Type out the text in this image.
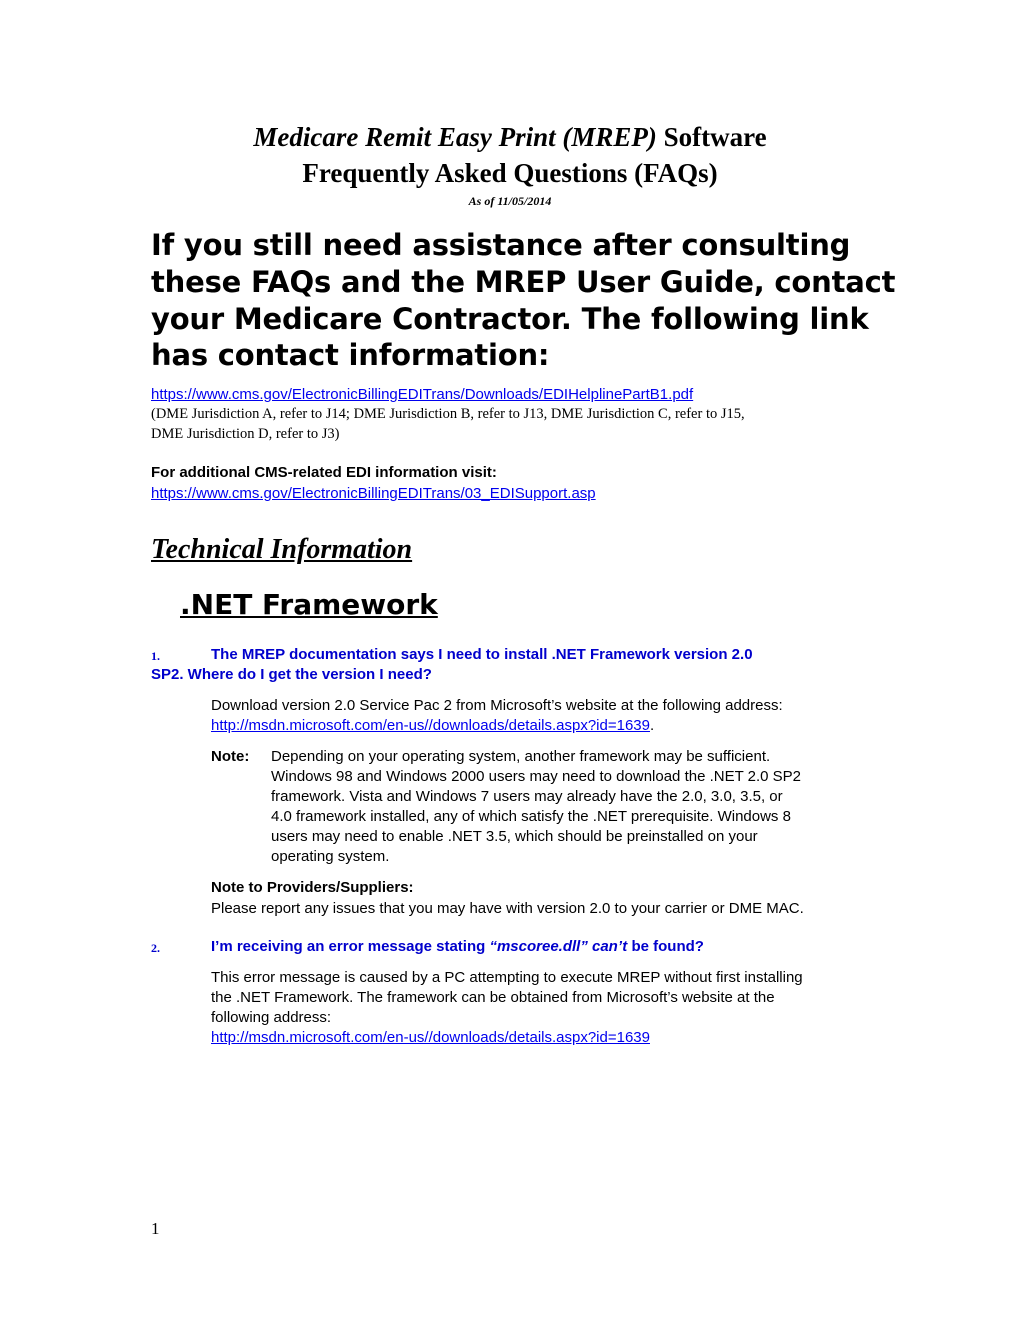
Medicare Remit Easy Print (MREP) Software
Frequently Asked Questions (FAQs)
As of 11/05/2014
If you still need assistance after consulting
these FAQs and the MREP User Guide, contact
your Medicare Contractor. The following link
has contact information:
https://www.cms.gov/ElectronicBillingEDITrans/Downloads/EDIHelplinePartB1.pdf
(DME Jurisdiction A, refer to J14; DME Jurisdiction B, refer to J13, DME Jurisdiction C, refer to J15,
DME Jurisdiction D, refer to J3)
For additional CMS-related EDI information visit:
https://www.cms.gov/ElectronicBillingEDITrans/03_EDISupport.asp
Technical Information
.NET Framework
1.	The MREP documentation says I need to install .NET Framework version 2.0
SP2. Where do I get the version I need?
Download version 2.0 Service Pac 2 from Microsoft’s website at the following address:
http://msdn.microsoft.com/en-us//downloads/details.aspx?id=1639.
Note: Depending on your operating system, another framework may be sufficient.
Windows 98 and Windows 2000 users may need to download the .NET 2.0 SP2
framework. Vista and Windows 7 users may already have the 2.0, 3.0, 3.5, or
4.0 framework installed, any of which satisfy the .NET prerequisite. Windows 8
users may need to enable .NET 3.5, which should be preinstalled on your
operating system.
Note to Providers/Suppliers:
Please report any issues that you may have with version 2.0 to your carrier or DME MAC.
2.	I’m receiving an error message stating “mscoree.dll” can’t be found?
This error message is caused by a PC attempting to execute MREP without first installing
the .NET Framework. The framework can be obtained from Microsoft’s website at the
following address:
http://msdn.microsoft.com/en-us//downloads/details.aspx?id=1639
1
